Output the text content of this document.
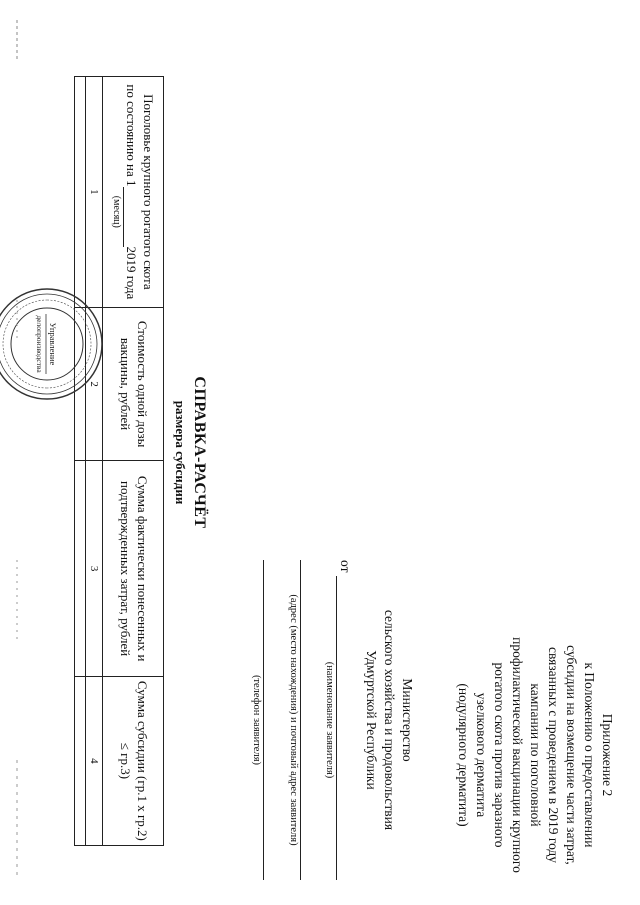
Приложение 2
к Положению о предоставлении
субсидии на возмещение части затрат,
связанных с проведением в 2019 году
кампании по поголовной
профилактической вакцинации крупного
рогатого скота против заразного
узелкового дерматита
(нодулярного дерматита)
Министерство
сельского хозяйства и продовольствия
Удмуртской Республики
от
(наименование заявителя)
(адрес (место нахождения) и почтовый адрес заявителя)
(телефон заявителя)
СПРАВКА-РАСЧЁТ
размера субсидии
Поголовье крупного рогатого скота
по состоянию на 12019 года
(месяц)	Стоимость одной дозы вакцины, рублей	Сумма фактически понесенных и подтвержденных затрат, рублей	Сумма субсидии (гр.1 х гр.2) ≤ гр.3)
1	2	3	4

Управление
делопроизводства
